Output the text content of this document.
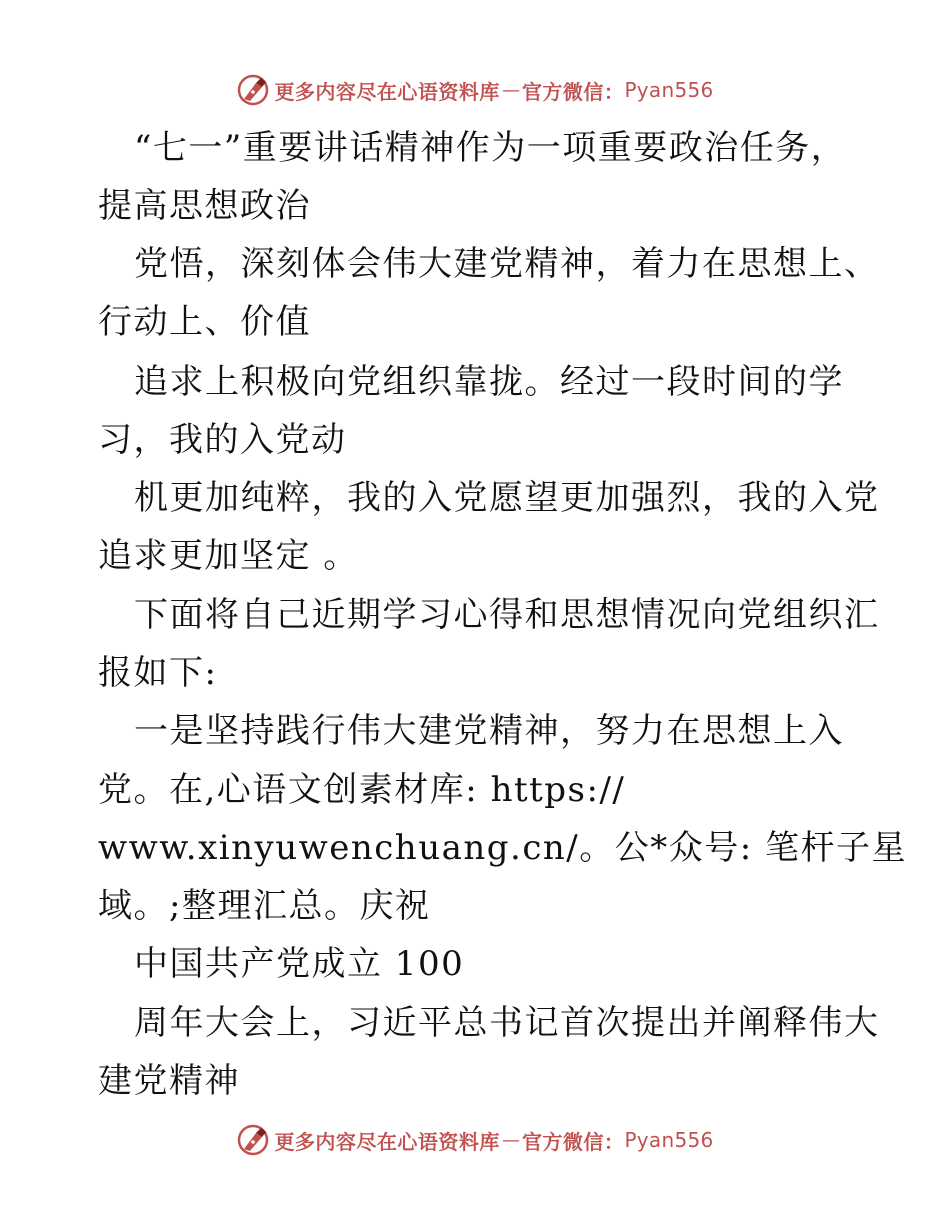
更多内容尽在心语资料库 — 官方微信： Pyan556
“七一”重要讲话精神作为一项重要政治任务，
提高思想政治
党悟，深刻体会伟大建党精神，着力在思想上、
行动上、价值
追求上积极向党组织靠拢。经过一段时间的学
习，我的入党动
机更加纯粹，我的入党愿望更加强烈，我的入党
追求更加坚定 。
下面将自己近期学习心得和思想情况向党组织汇
报如下:
一是坚持践行伟大建党精神，努力在思想上入
党。在,心语文创素材库: https://
www.xinyuwenchuang.cn/。公*众号: 笔杆子星
域。;整理汇总。庆祝
中国共产党成立 100
周年大会上，习近平总书记首次提出并阐释伟大
建党精神
更多内容尽在心语资料库 — 官方微信： Pyan556
